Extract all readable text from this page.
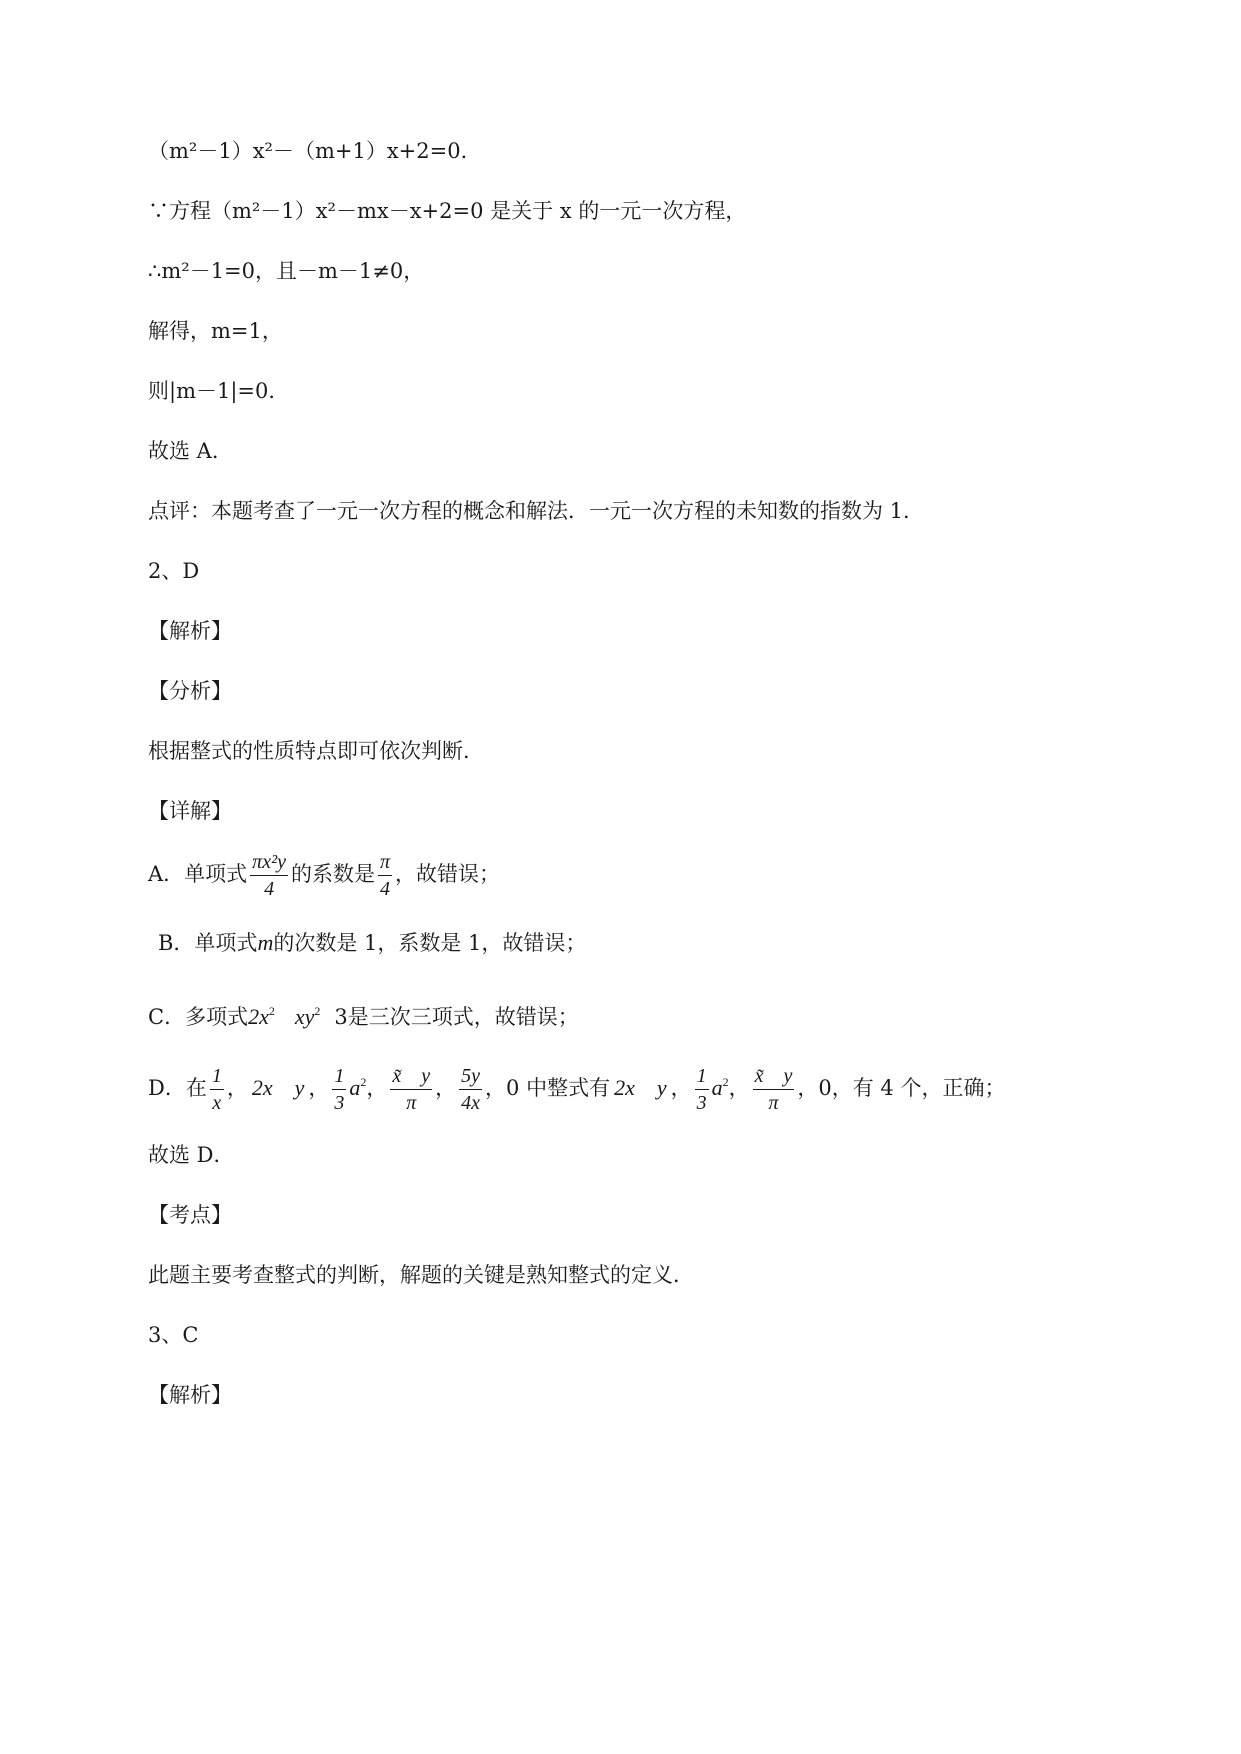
（m²－1）x²－（m+1）x+2=0．
∵方程（m²－1）x²－mx－x+2=0 是关于 x 的一元一次方程，
∴m²－1=0，且－m－1≠0，
解得，m=1，
则|m－1|=0．
故选 A．
点评：本题考查了一元一次方程的概念和解法．一元一次方程的未知数的指数为 1．
2、D
【解析】
【分析】
根据整式的性质特点即可依次判断．
【详解】
A．单项式 $\frac{\text{πx²y}}{4}$ 的系数是 $\frac{\pi}{4}$ ，故错误；
B．单项式m的次数是 1，系数是 1，故错误；
C．多项式$2x^2$ $xy^2$ 3是三次三项式，故错误；
D．在 $\frac{1}{x}$ ， 2x　y ， $\frac{1}{3} a^2$， $\frac{x̃ y}{\pi}$ ， $\frac{5y}{4x}$ ，0 中整式有 2x　y ， $\frac{1}{3} a^2$， $\frac{x̃ y}{\pi}$ ，0，有 4 个，正确；
故选 D．
【考点】
此题主要考查整式的判断，解题的关键是熟知整式的定义．
3、C
【解析】
